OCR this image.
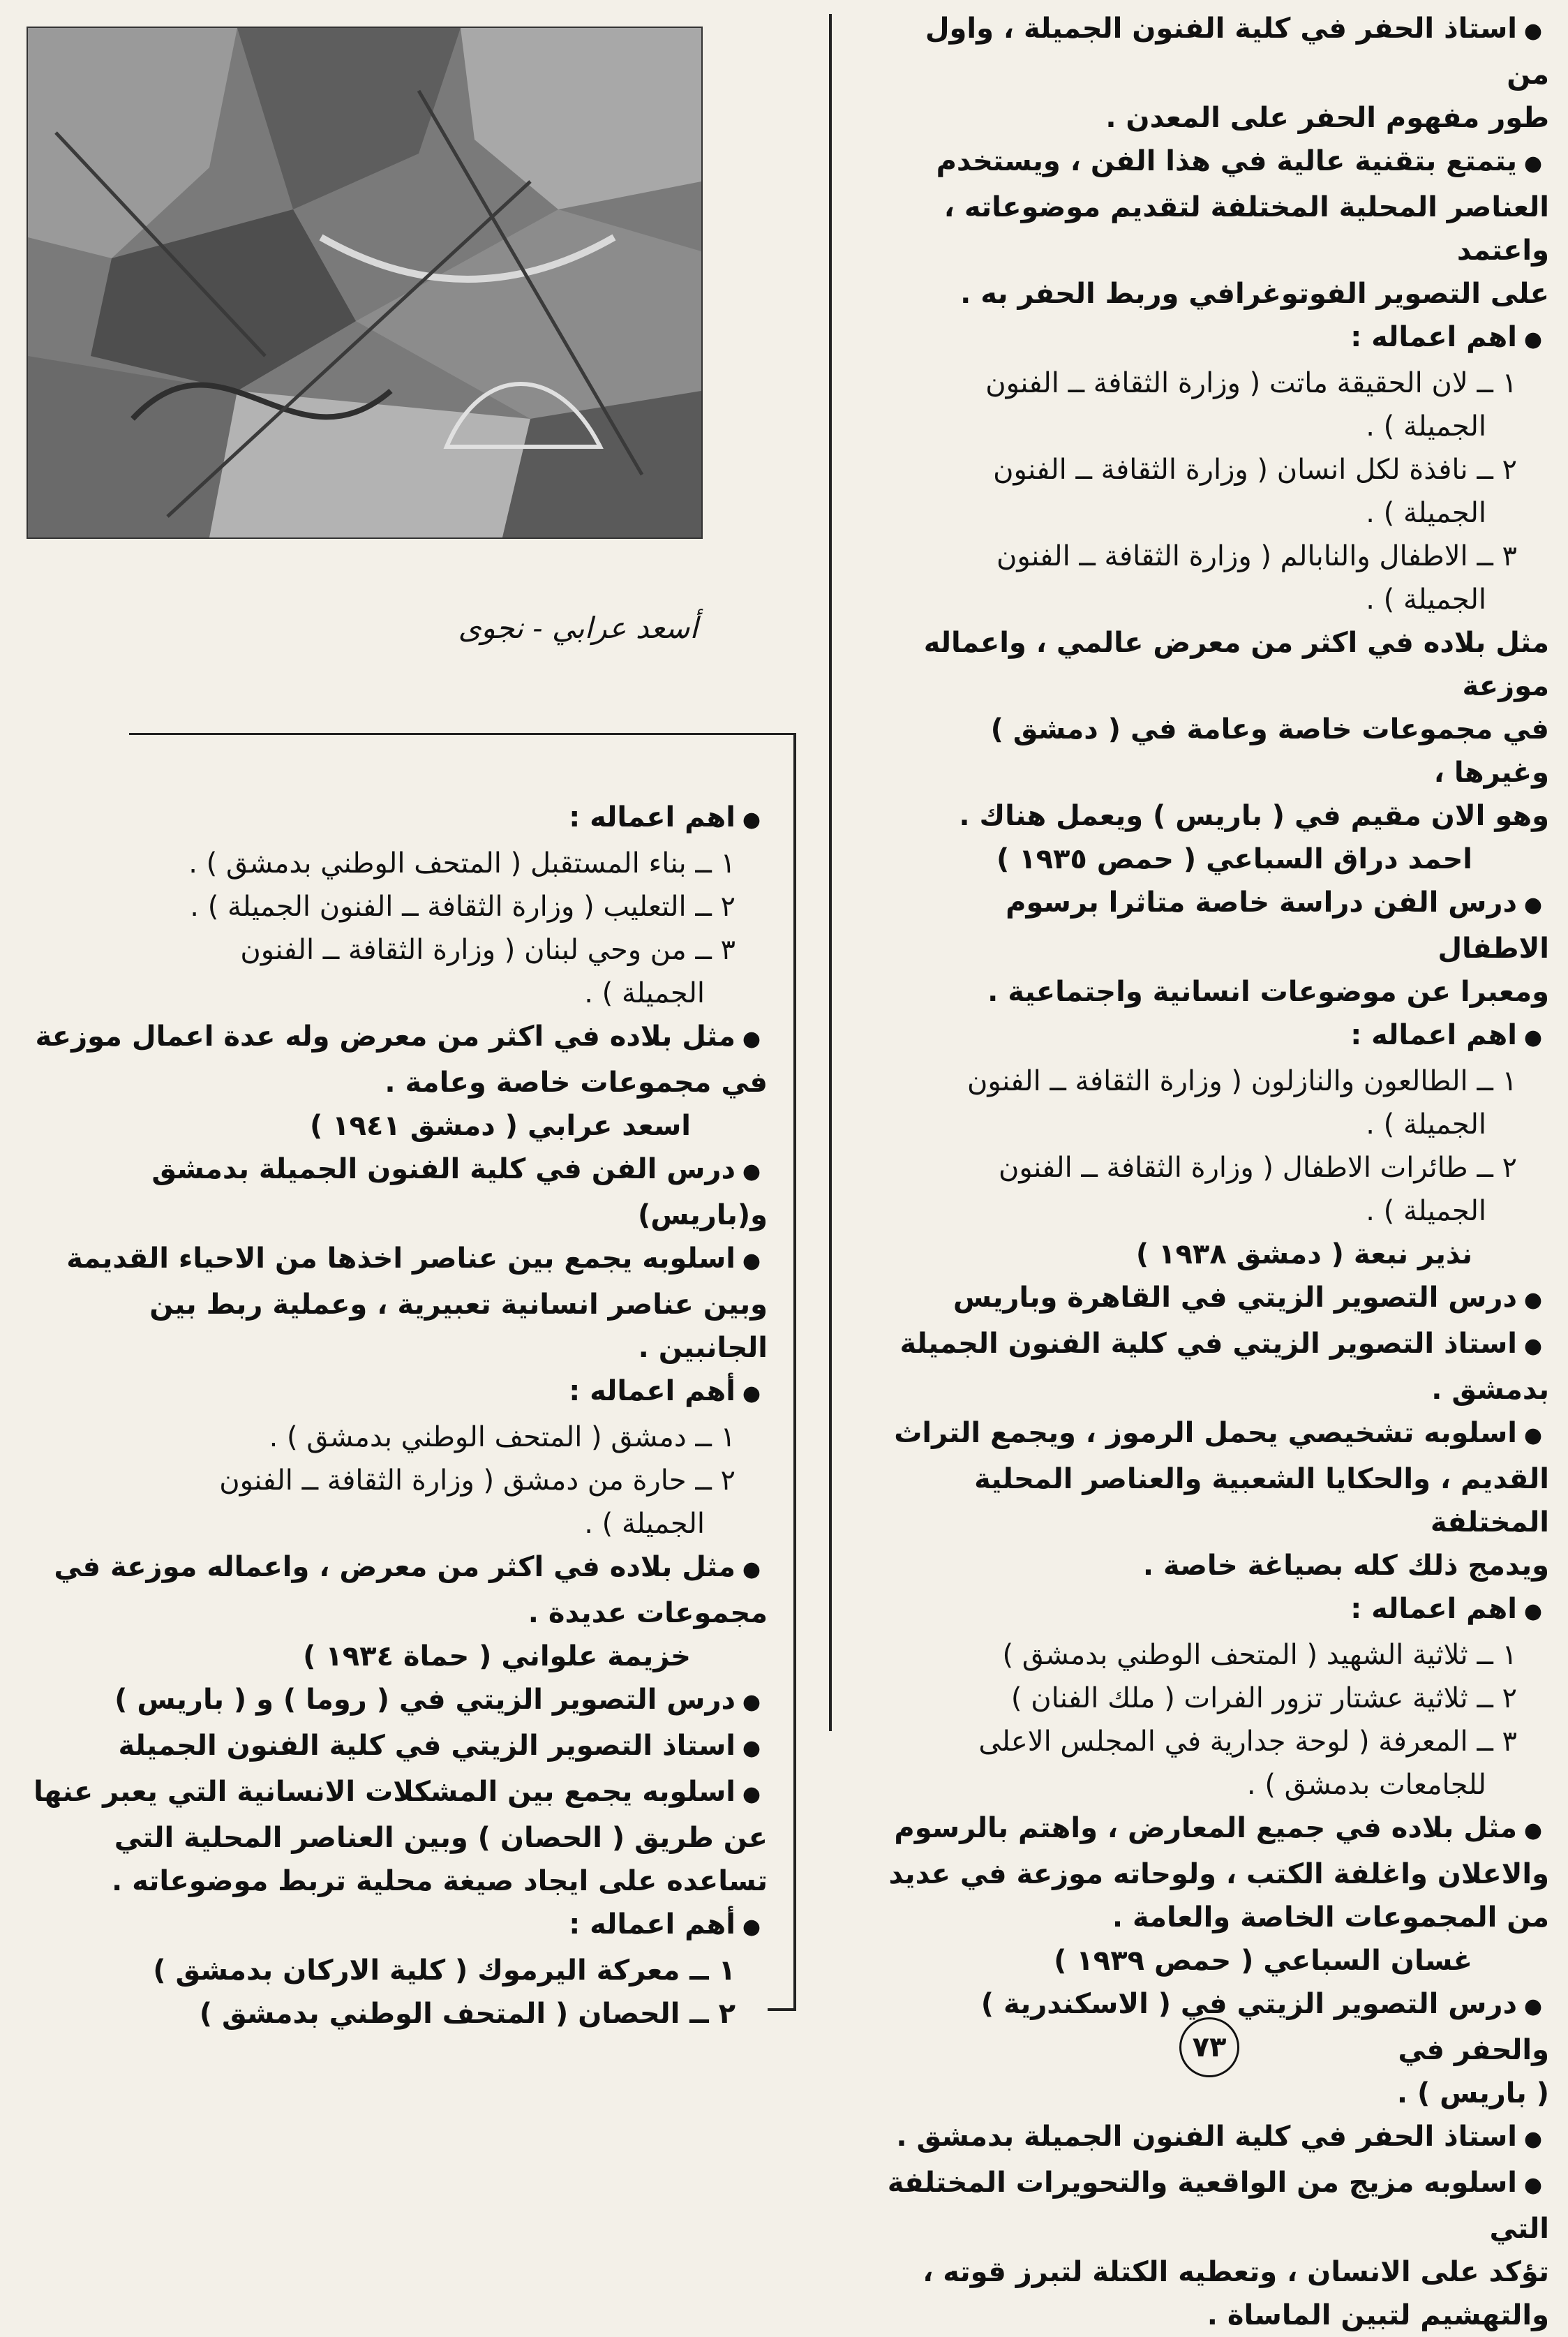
أسعد عرابي - نجوى

● استاذ الحفر في كلية الفنون الجميلة ، واول من

طور مفهوم الحفر على المعدن .

● يتمتع بتقنية عالية في هذا الفن ، ويستخدم

العناصر المحلية المختلفة لتقديم موضوعاته ، واعتمد

على التصوير الفوتوغرافي وربط الحفر به .

● اهم اعماله :

١ ــ لان الحقيقة ماتت ( وزارة الثقافة ــ الفنون

الجميلة ) .

٢ ــ نافذة لكل انسان ( وزارة الثقافة ــ الفنون

الجميلة ) .

٣ ــ الاطفال والنابالم ( وزارة الثقافة ــ الفنون

الجميلة ) .

مثل بلاده في اكثر من معرض عالمي ، واعماله موزعة

في مجموعات خاصة وعامة في ( دمشق ) وغيرها ،

وهو الان مقيم في ( باريس ) ويعمل هناك .

احمد دراق السباعي ( حمص ١٩٣٥ )

● درس الفن دراسة خاصة متاثرا برسوم الاطفال

ومعبرا عن موضوعات انسانية واجتماعية .

● اهم اعماله :

١ ــ الطالعون والنازلون ( وزارة الثقافة ــ الفنون

الجميلة ) .

٢ ــ طائرات الاطفال ( وزارة الثقافة ــ الفنون

الجميلة ) .

نذير نبعة ( دمشق ١٩٣٨ )

● درس التصوير الزيتي في القاهرة وباريس

● استاذ التصوير الزيتي في كلية الفنون الجميلة

بدمشق .

● اسلوبه تشخيصي يحمل الرموز ، ويجمع التراث

القديم ، والحكايا الشعبية والعناصر المحلية المختلفة

ويدمج ذلك كله بصياغة خاصة .

● اهم اعماله :

١ ــ ثلاثية الشهيد ( المتحف الوطني بدمشق )

٢ ــ ثلاثية عشتار تزور الفرات ( ملك الفنان )

٣ ــ المعرفة ( لوحة جدارية في المجلس الاعلى

للجامعات بدمشق ) .

● مثل بلاده في جميع المعارض ، واهتم بالرسوم

والاعلان واغلفة الكتب ، ولوحاته موزعة في عديد

من المجموعات الخاصة والعامة .

غسان السباعي ( حمص ١٩٣٩ )

● درس التصوير الزيتي في ( الاسكندرية ) والحفر في

( باريس ) .

● استاذ الحفر في كلية الفنون الجميلة بدمشق .

● اسلوبه مزيج من الواقعية والتحويرات المختلفة التي

تؤكد على الانسان ، وتعطيه الكتلة لتبرز قوته ،

والتهشيم لتبين الماساة .

● اهم اعماله :

١ ــ بناء المستقبل ( المتحف الوطني بدمشق ) .

٢ ــ التعليب ( وزارة الثقافة ــ الفنون الجميلة ) .

٣ ــ من وحي لبنان ( وزارة الثقافة ــ الفنون

الجميلة ) .

● مثل بلاده في اكثر من معرض وله عدة اعمال موزعة

في مجموعات خاصة وعامة .

اسعد عرابي ( دمشق ١٩٤١ )

● درس الفن في كلية الفنون الجميلة بدمشق و(باريس)

● اسلوبه يجمع بين عناصر اخذها من الاحياء القديمة

وبين عناصر انسانية تعبيرية ، وعملية ربط بين

الجانبين .

● أهم اعماله :

١ ــ دمشق ( المتحف الوطني بدمشق ) .

٢ ــ حارة من دمشق ( وزارة الثقافة ــ الفنون

الجميلة ) .

● مثل بلاده في اكثر من معرض ، واعماله موزعة في

مجموعات عديدة .

خزيمة علواني ( حماة ١٩٣٤ )

● درس التصوير الزيتي في ( روما ) و ( باريس )

● استاذ التصوير الزيتي في كلية الفنون الجميلة

● اسلوبه يجمع بين المشكلات الانسانية التي يعبر عنها

عن طريق ( الحصان ) وبين العناصر المحلية التي

تساعده على ايجاد صيغة محلية تربط موضوعاته .

● أهم اعماله :

١ ــ معركة اليرموك ( كلية الاركان بدمشق )

٢ ــ الحصان ( المتحف الوطني بدمشق )

٧٣
